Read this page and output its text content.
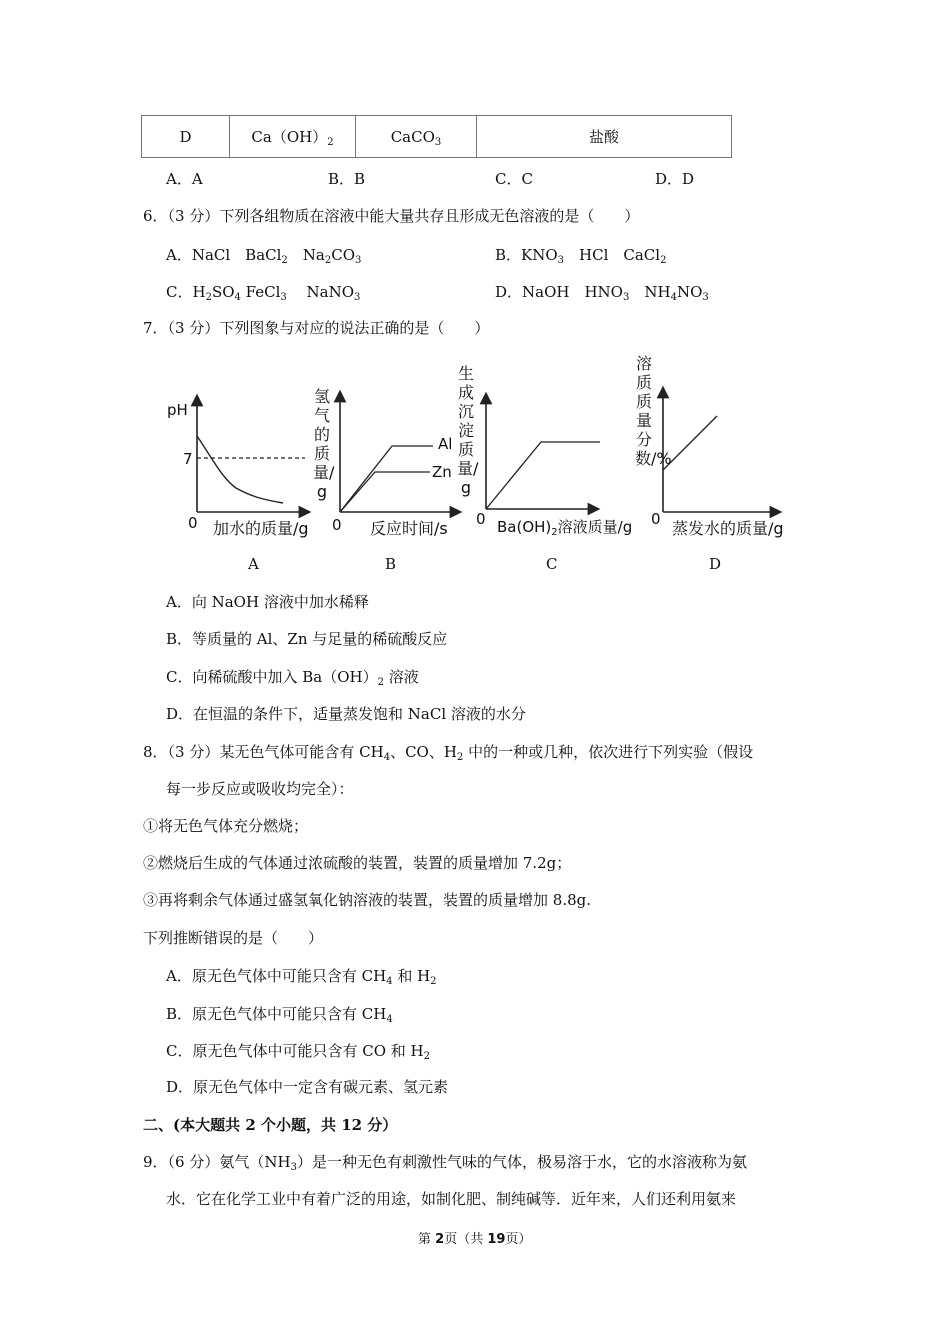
D	$Ca(OH)_2$	CaCO$_3$	盐酸
A．A	B．B	C．C	D．D
6．（3 分）下列各组物质在溶液中能大量共存且形成无色溶液的是（　　）
A．NaCl　BaCl$_2$　$Na_2CO_3$	B．$KNO_3$　HCl　CaCl$_2$
C．$H_2SO_4$ FeCl$_3$　 NaNO$_3$	D．NaOH　$HNO_3$　$NH_4NO_3$
7．（3 分）下列图象与对应的说法正确的是（　　）
pH
7
0 加水的质量/g
A
氢气的质量/g
0 反应时间/s
Al
Zn
B
生成沉淀质量/g
0 $Ba(OH)_2$溶液质量/g
C
溶质质量分数/%
0 蒸发水的质量/g
D
A．向 NaOH 溶液中加水稀释
B．等质量的 Al、Zn 与足量的稀硫酸反应
C．向稀硫酸中加入 $Ba(OH)_2$ 溶液
D．在恒温的条件下，适量蒸发饱和 NaCl 溶液的水分
8．（3 分）某无色气体可能含有 $CH_4$、CO、$H_2$ 中的一种或几种，依次进行下列实验（假设
每一步反应或吸收均完全）：
①将无色气体充分燃烧；
②燃烧后生成的气体通过浓硫酸的装置，装置的质量增加 7.2g；
③再将剩余气体通过盛氢氧化钠溶液的装置，装置的质量增加 8.8g.
下列推断错误的是（　　）
A．原无色气体中可能只含有 $CH_4$ 和 $H_2$
B．原无色气体中可能只含有 $CH_4$
C．原无色气体中可能只含有 CO 和 $H_2$
D．原无色气体中一定含有碳元素、氢元素
二、(本大题共 2 个小题，共 12 分）
9．（6 分）氨气$(NH_3)$是一种无色有刺激性气味的气体，极易溶于水，它的水溶液称为氨
水．它在化学工业中有着广泛的用途，如制化肥、制纯碱等．近年来，人们还利用氨来
第 2页（共 19页）
